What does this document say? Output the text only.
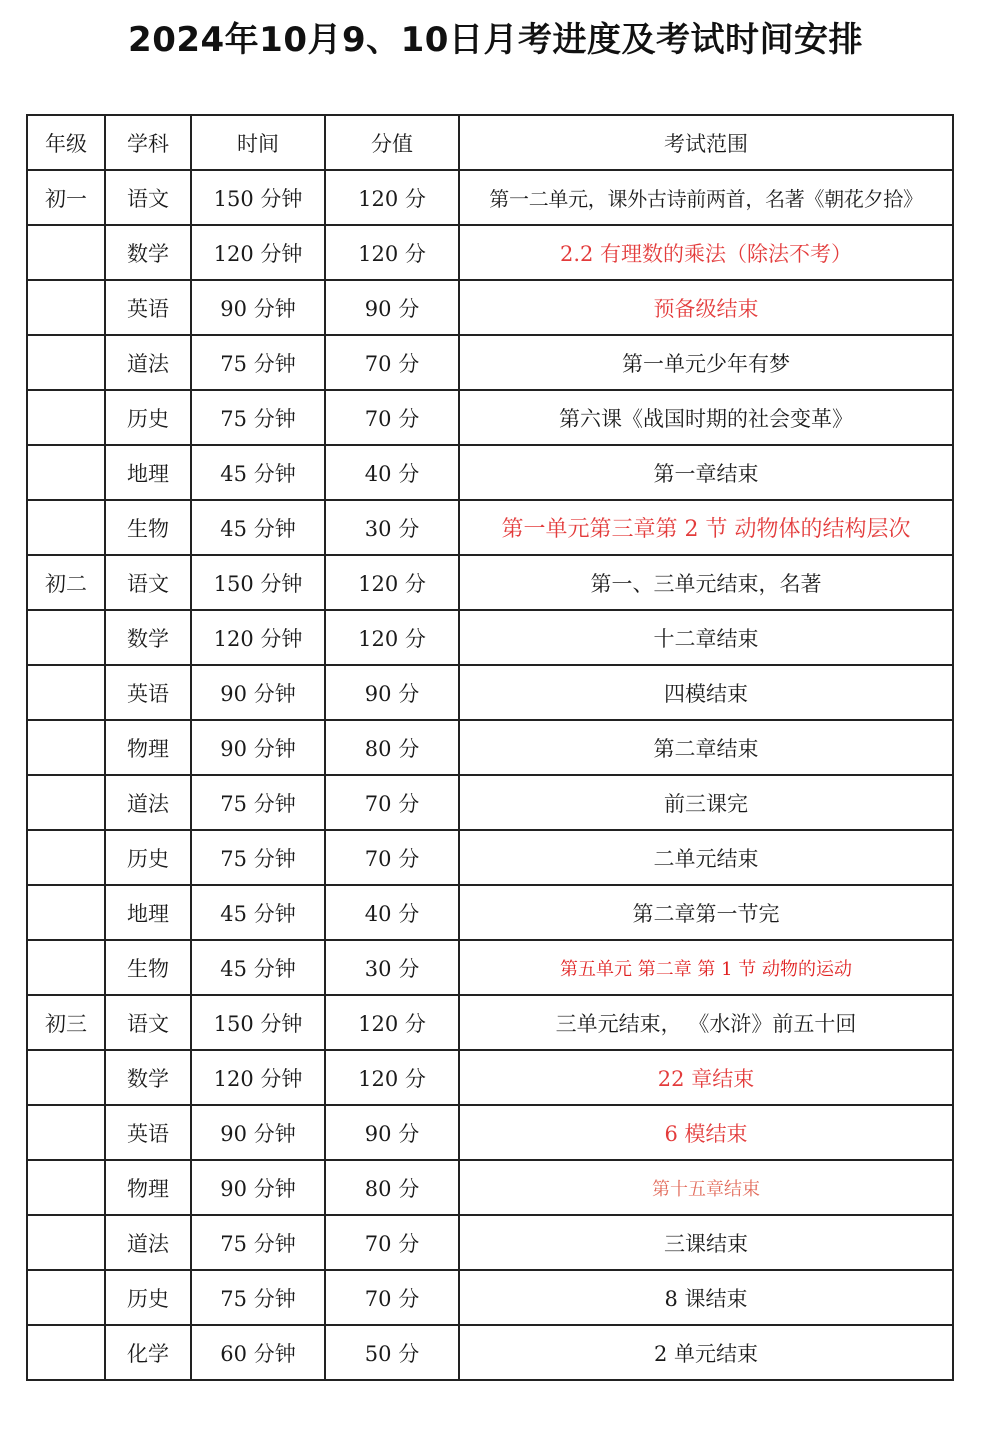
2024年10月9、10日月考进度及考试时间安排
年级	学科	时间	分值	考试范围
初一	语文	150 分钟	120 分	第一二单元，课外古诗前两首，名著《朝花夕拾》
	数学	120 分钟	120 分	2.2 有理数的乘法（除法不考）
	英语	90 分钟	90 分	预备级结束
	道法	75 分钟	70 分	第一单元少年有梦
	历史	75 分钟	70 分	第六课《战国时期的社会变革》
	地理	45 分钟	40 分	第一章结束
	生物	45 分钟	30 分	第一单元第三章第 2 节 动物体的结构层次
初二	语文	150 分钟	120 分	第一、三单元结束，名著
	数学	120 分钟	120 分	十二章结束
	英语	90 分钟	90 分	四模结束
	物理	90 分钟	80 分	第二章结束
	道法	75 分钟	70 分	前三课完
	历史	75 分钟	70 分	二单元结束
	地理	45 分钟	40 分	第二章第一节完
	生物	45 分钟	30 分	第五单元 第二章 第 1 节 动物的运动
初三	语文	150 分钟	120 分	三单元结束， 《水浒》前五十回
	数学	120 分钟	120 分	22 章结束
	英语	90 分钟	90 分	6 模结束
	物理	90 分钟	80 分	第十五章结束
	道法	75 分钟	70 分	三课结束
	历史	75 分钟	70 分	8 课结束
	化学	60 分钟	50 分	2 单元结束
